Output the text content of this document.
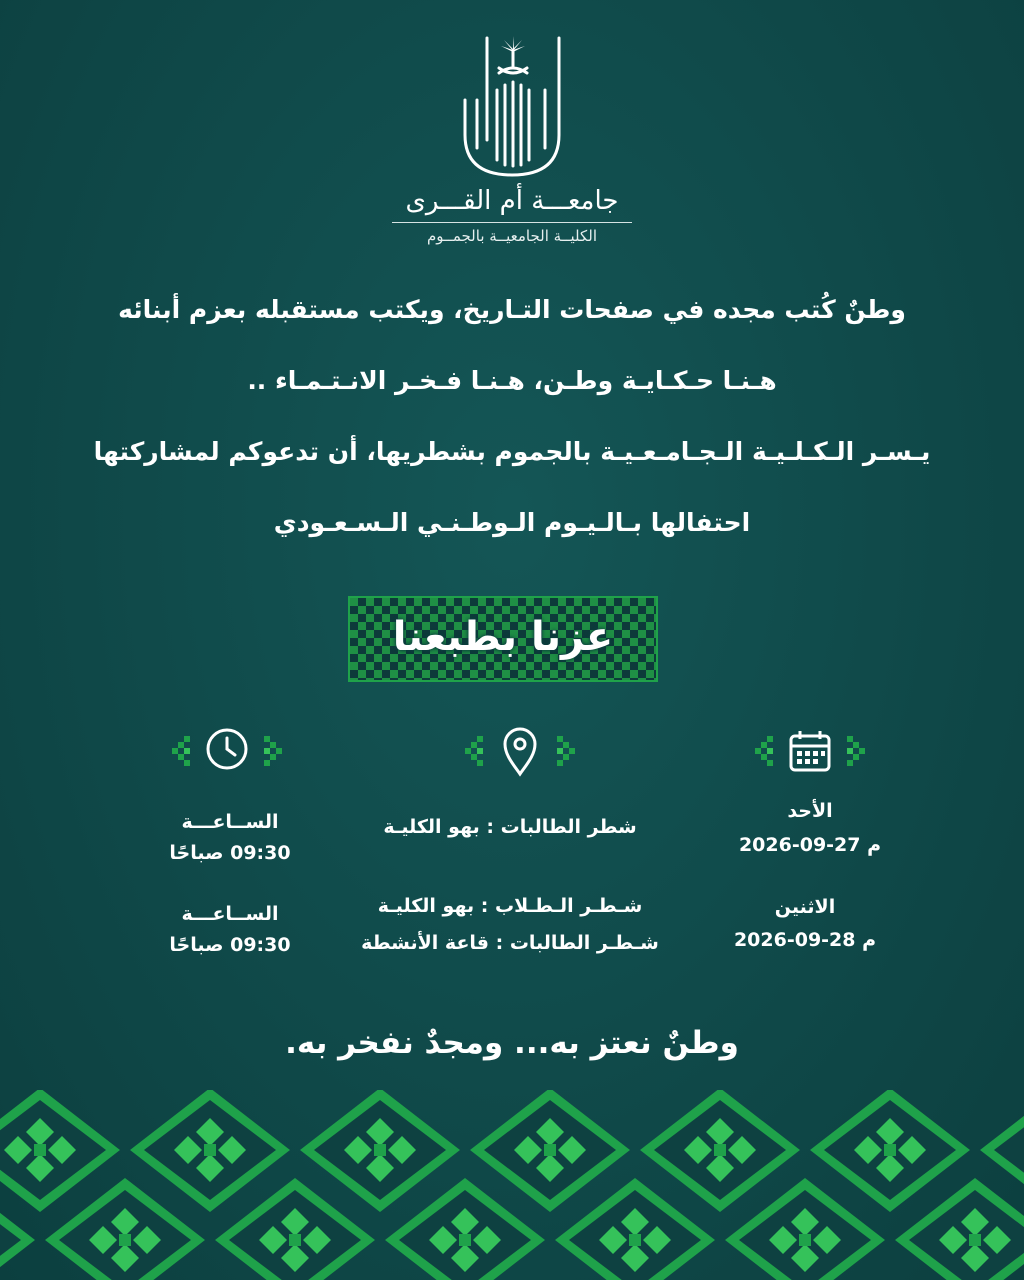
جامعـــة أم القـــرى
الكليــة الجامعيــة بالجمــوم
وطنٌ كُتب مجده في صفحات التـاريخ، ويكتب مستقبله بعزم أبنائه
هـنـا حـكـايـة وطـن، هـنـا فـخـر الانـتـمـاء ..
يـسـر الـكـلـيـة الـجـامـعـيـة بالجموم بشطريها، أن تدعوكم لمشاركتها
احتفالها بـالـيـوم الـوطـنـي الـسـعـودي
عزنا بطبعنا
الأحد
2026-09-27 م
الاثنين
2026-09-28 م
شطر الطالبات : بهو الكليـة
شـطـر الـطـلاب : بهو الكليـة
شـطـر الطالبات : قاعة الأنشطة
الســاعـــة
09:30 صباحًا
الســاعـــة
09:30 صباحًا
وطنٌ نعتز به... ومجدٌ نفخر به.
